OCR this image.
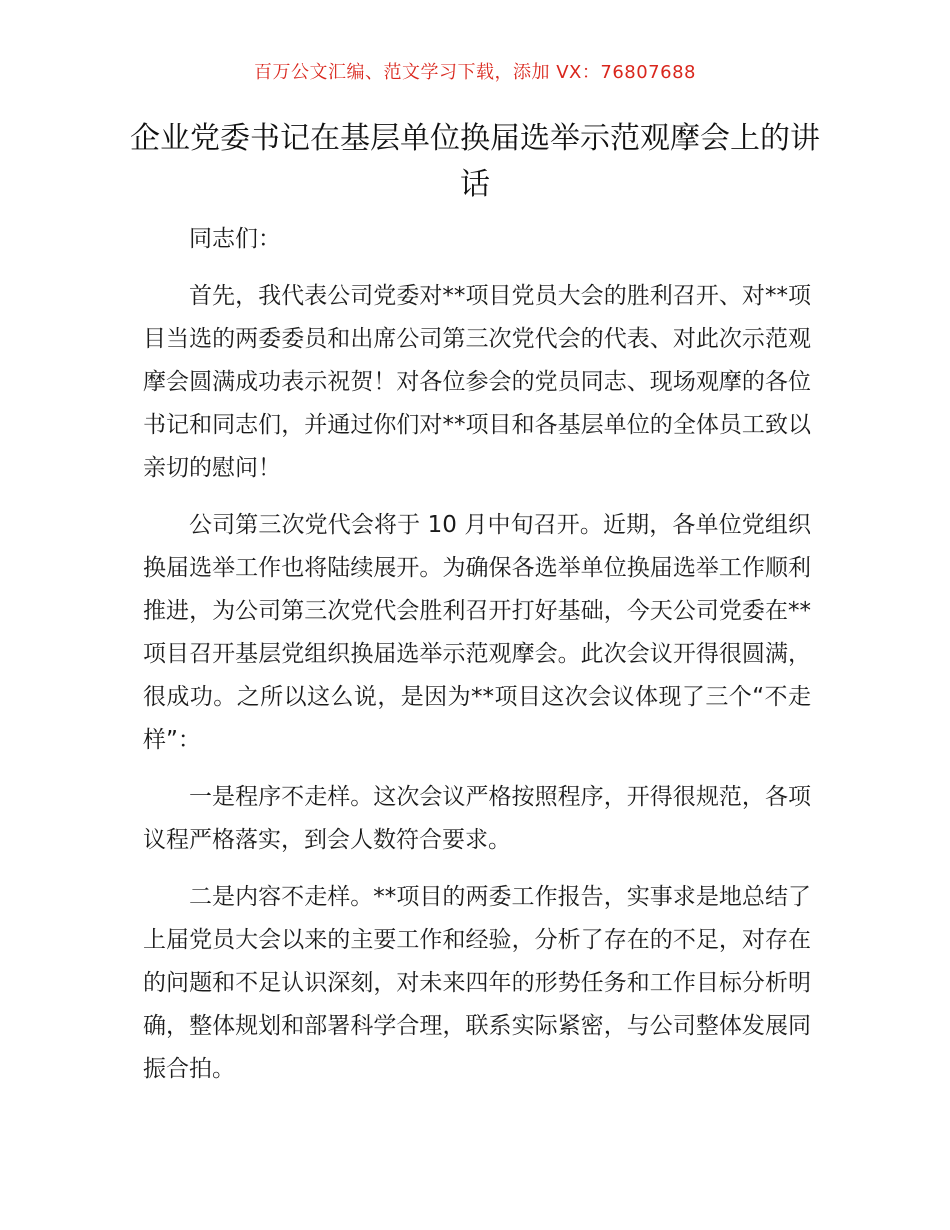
百万公文汇编、范文学习下载，添加 VX：76807688
企业党委书记在基层单位换届选举示范观摩会上的讲话

同志们：

首先，我代表公司党委对**项目党员大会的胜利召开、对**项目当选的两委委员和出席公司第三次党代会的代表、对此次示范观摩会圆满成功表示祝贺！对各位参会的党员同志、现场观摩的各位书记和同志们，并通过你们对**项目和各基层单位的全体员工致以亲切的慰问！

公司第三次党代会将于 10 月中旬召开。近期，各单位党组织换届选举工作也将陆续展开。为确保各选举单位换届选举工作顺利推进，为公司第三次党代会胜利召开打好基础，今天公司党委在**项目召开基层党组织换届选举示范观摩会。此次会议开得很圆满，很成功。之所以这么说，是因为**项目这次会议体现了三个“不走样”：

一是程序不走样。这次会议严格按照程序，开得很规范，各项议程严格落实，到会人数符合要求。

二是内容不走样。**项目的两委工作报告，实事求是地总结了上届党员大会以来的主要工作和经验，分析了存在的不足，对存在的问题和不足认识深刻，对未来四年的形势任务和工作目标分析明确，整体规划和部署科学合理，联系实际紧密，与公司整体发展同振合拍。
